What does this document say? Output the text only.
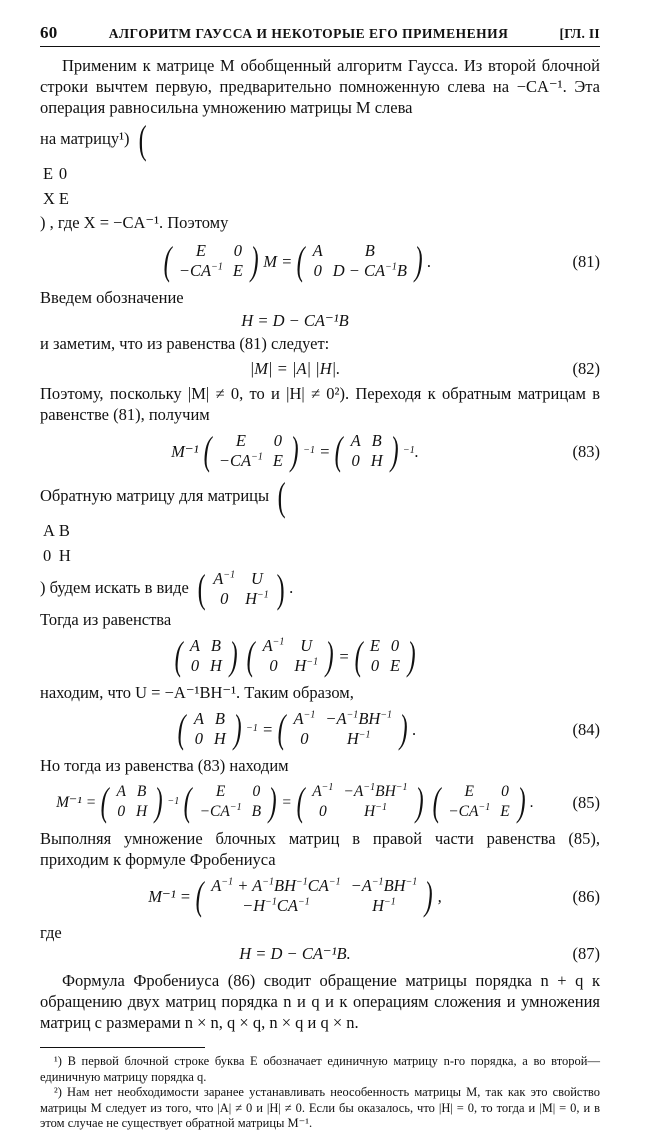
60	АЛГОРИТМ ГАУССА И НЕКОТОРЫЕ ЕГО ПРИМЕНЕНИЯ	[ГЛ. II

Применим к матрице M обобщенный алгоритм Гаусса. Из второй блочной строки вычтем первую, предварительно помноженную слева на −CA⁻¹. Эта операция равносильна умножению матрицы M слева

на матрицу¹) (

E	0
X	E
) , где X = −CA⁻¹. Поэтому

( E	0
$-CA^{-1}$	E ) M = ( A	B
0	$D - CA^{-1}B$ ) .	(81)

Введем обозначение

H = D − CA⁻¹B

и заметим, что из равенства (81) следует:

|M| = |A| |H|.	(82)

Поэтому, поскольку |M| ≠ 0, то и |H| ≠ 0²). Переходя к обратным матрицам в равенстве (81), получим

M⁻¹ ( E	0
$-CA^{-1}$	E ) −1 = ( A	B
0	H ) −1 .	(83)

Обратную матрицу для матрицы (

A	B
0	H
) будем искать в виде ( $A^{-1}$	U
0	$H^{-1}$ ) .

Тогда из равенства

( A	B
0	H ) ( $A^{-1}$	U
0	$H^{-1}$ ) = ( E	0
0	E )

находим, что U = −A⁻¹BH⁻¹. Таким образом,

( A	B
0	H ) −1 = ( $A^{-1}$	$-A^{-1}BH^{-1}$
0	$H^{-1}$ ) .	(84)

Но тогда из равенства (83) находим

M⁻¹ = ( A	B
0	H ) −1 ( E	0
$-CA^{-1}$	B ) = ( $A^{-1}$	$-A^{-1}BH^{-1}$
0	$H^{-1}$ ) ( E	0
$-CA^{-1}$	E ) .	(85)

Выполняя умножение блочных матриц в правой части равенства (85), приходим к формуле Фробениуса

M⁻¹ = ( $A^{-1} + A^{-1}BH^{-1}CA^{-1}$	$-A^{-1}BH^{-1}$
$-H^{-1}CA^{-1}$	$H^{-1}$ ) ,	(86)

где

H = D − CA⁻¹B.	(87)

Формула Фробениуса (86) сводит обращение матрицы порядка n + q к обращению двух матриц порядка n и q и к операциям сложения и умножения матриц с размерами n × n, q × q, n × q и q × n.

¹) В первой блочной строке буква E обозначает единичную матрицу n-го порядка, а во второй—единичную матрицу порядка q.

²) Нам нет необходимости заранее устанавливать неособенность матрицы M, так как это свойство матрицы M следует из того, что |A| ≠ 0 и |H| ≠ 0. Если бы оказалось, что |H| = 0, то тогда и |M| = 0, и в этом случае не существует обратной матрицы M⁻¹.
